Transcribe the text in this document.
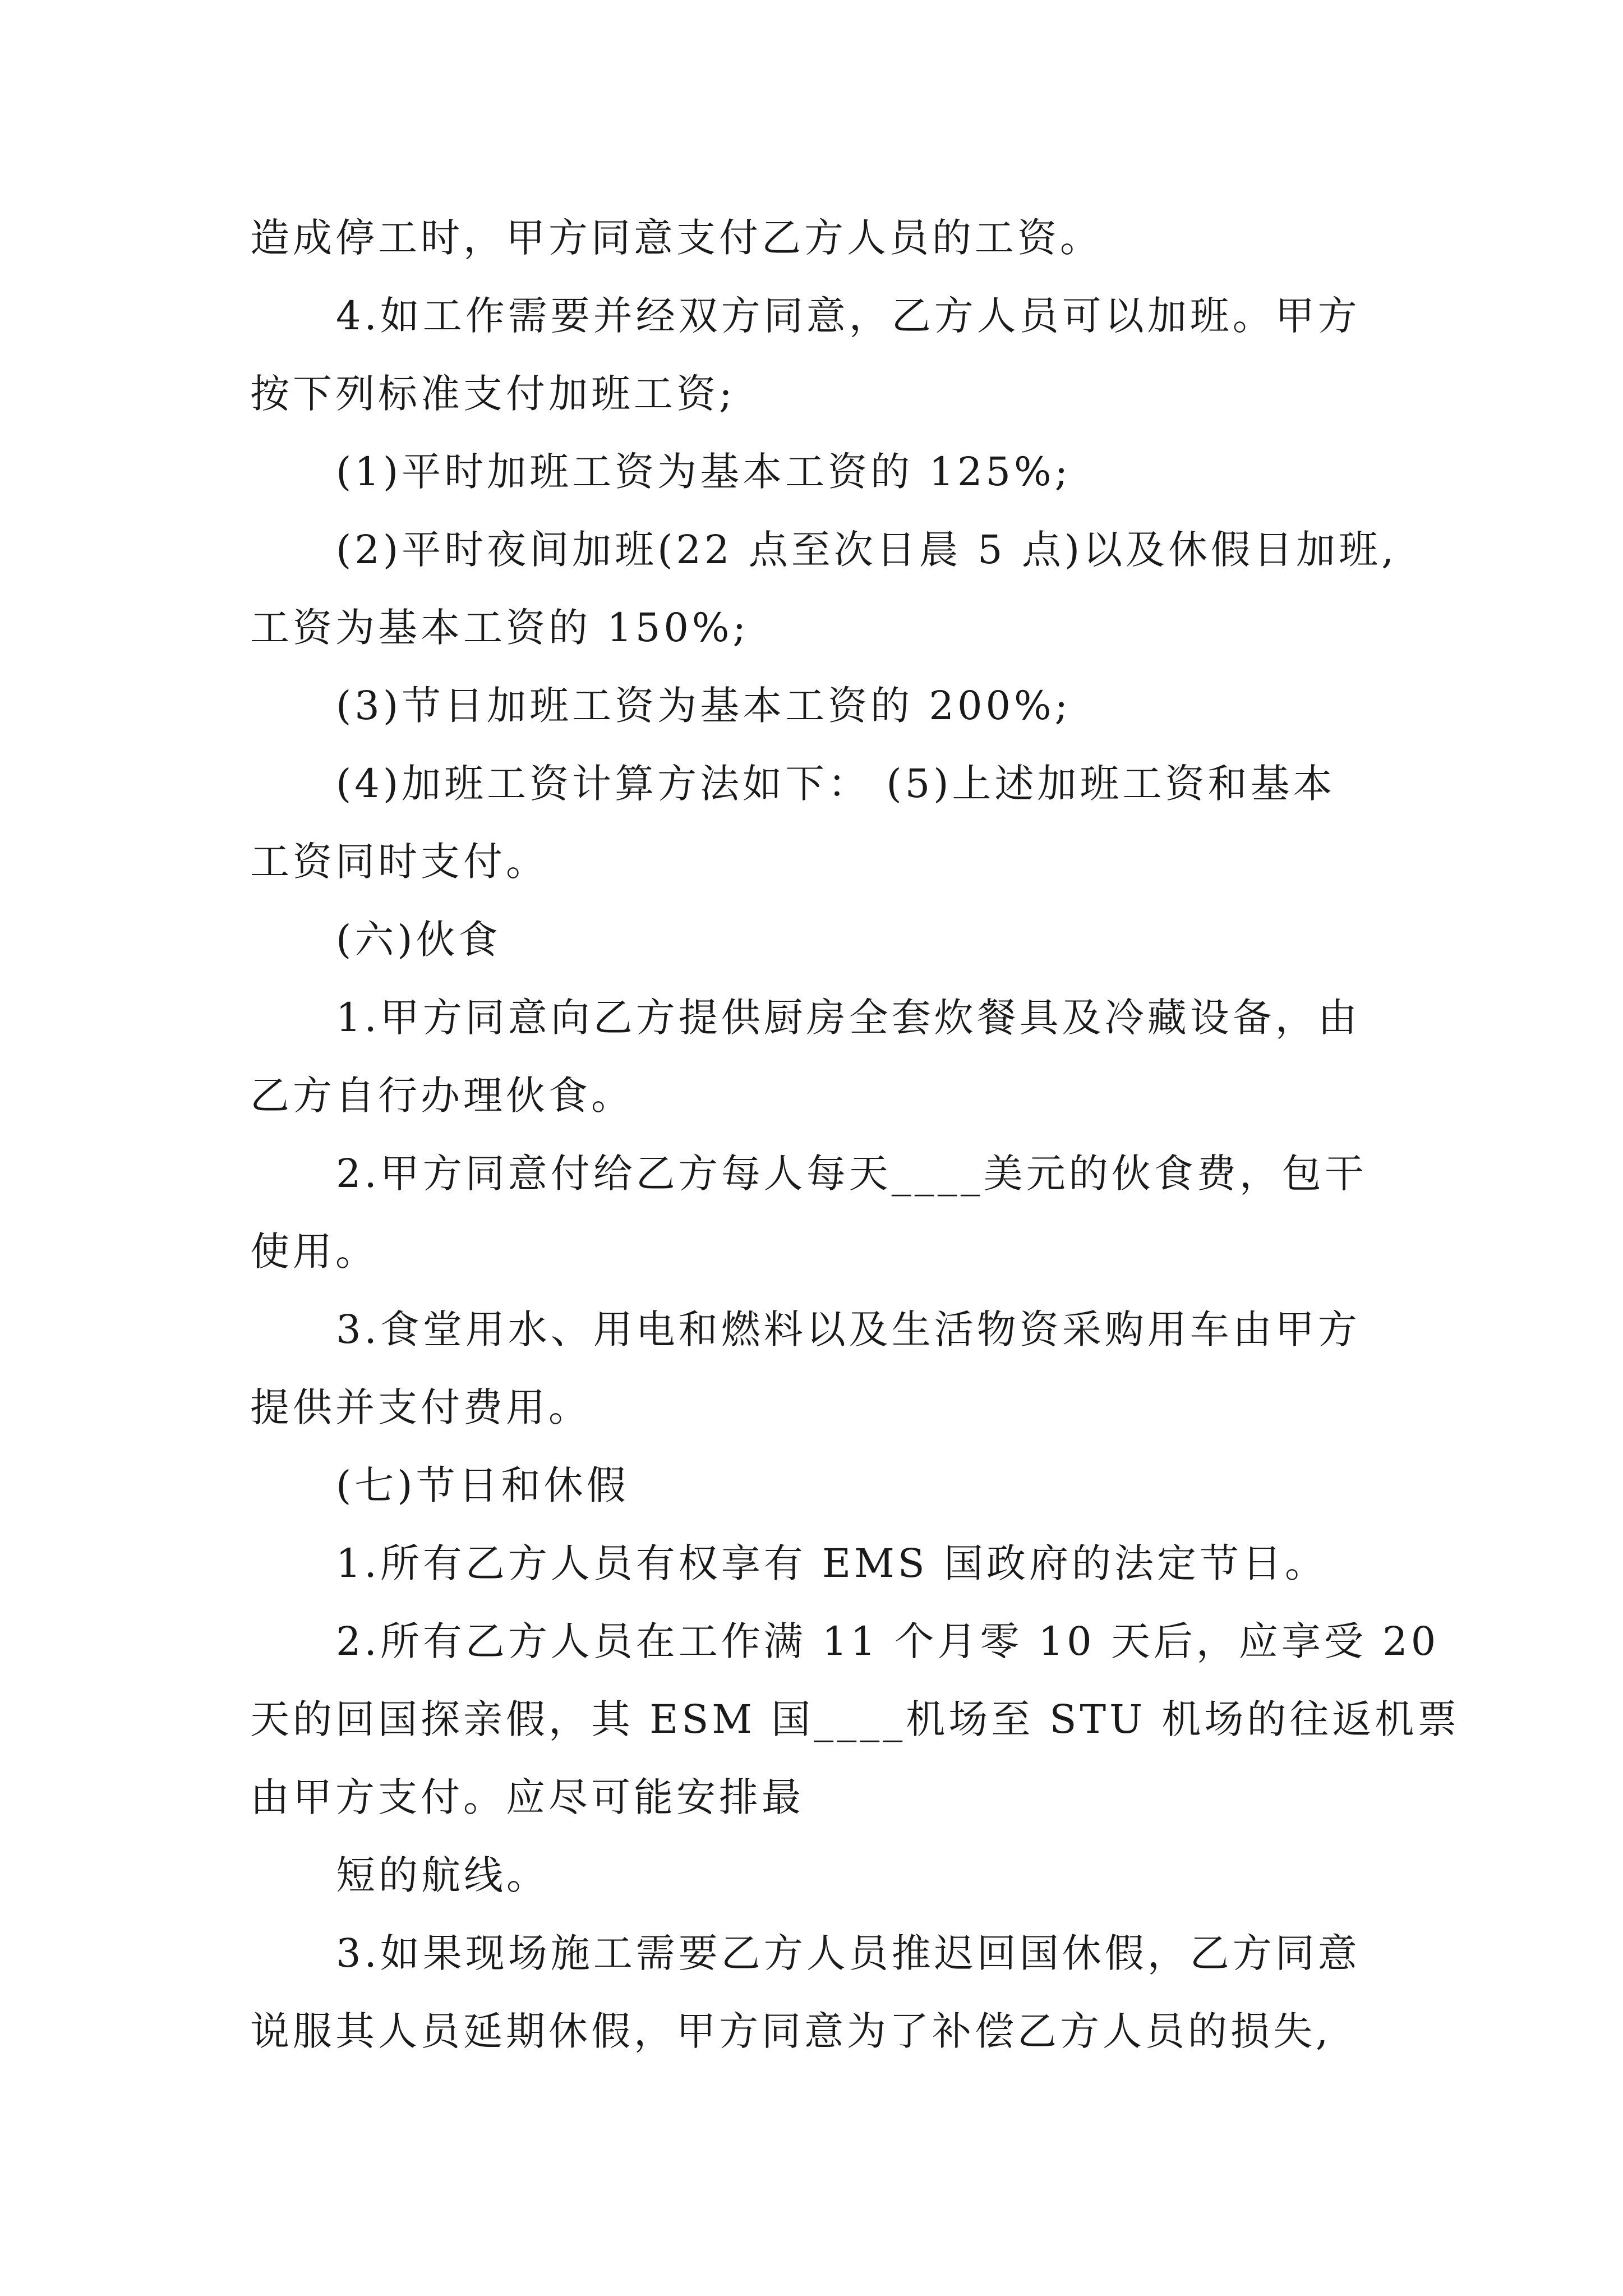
造成停工时，甲方同意支付乙方人员的工资。
4.如工作需要并经双方同意，乙方人员可以加班。甲方
按下列标准支付加班工资;
(1)平时加班工资为基本工资的 125%;
(2)平时夜间加班(22 点至次日晨 5 点)以及休假日加班,
工资为基本工资的 150%;
(3)节日加班工资为基本工资的 200%;
(4)加班工资计算方法如下： (5)上述加班工资和基本
工资同时支付。
(六)伙食
1.甲方同意向乙方提供厨房全套炊餐具及冷藏设备，由
乙方自行办理伙食。
2.甲方同意付给乙方每人每天____美元的伙食费，包干
使用。
3.食堂用水、用电和燃料以及生活物资采购用车由甲方
提供并支付费用。
(七)节日和休假
1.所有乙方人员有权享有 EMS 国政府的法定节日。
2.所有乙方人员在工作满 11 个月零 10 天后，应享受 20
天的回国探亲假，其 ESM 国____机场至 STU 机场的往返机票
由甲方支付。应尽可能安排最
短的航线。
3.如果现场施工需要乙方人员推迟回国休假，乙方同意
说服其人员延期休假，甲方同意为了补偿乙方人员的损失,
